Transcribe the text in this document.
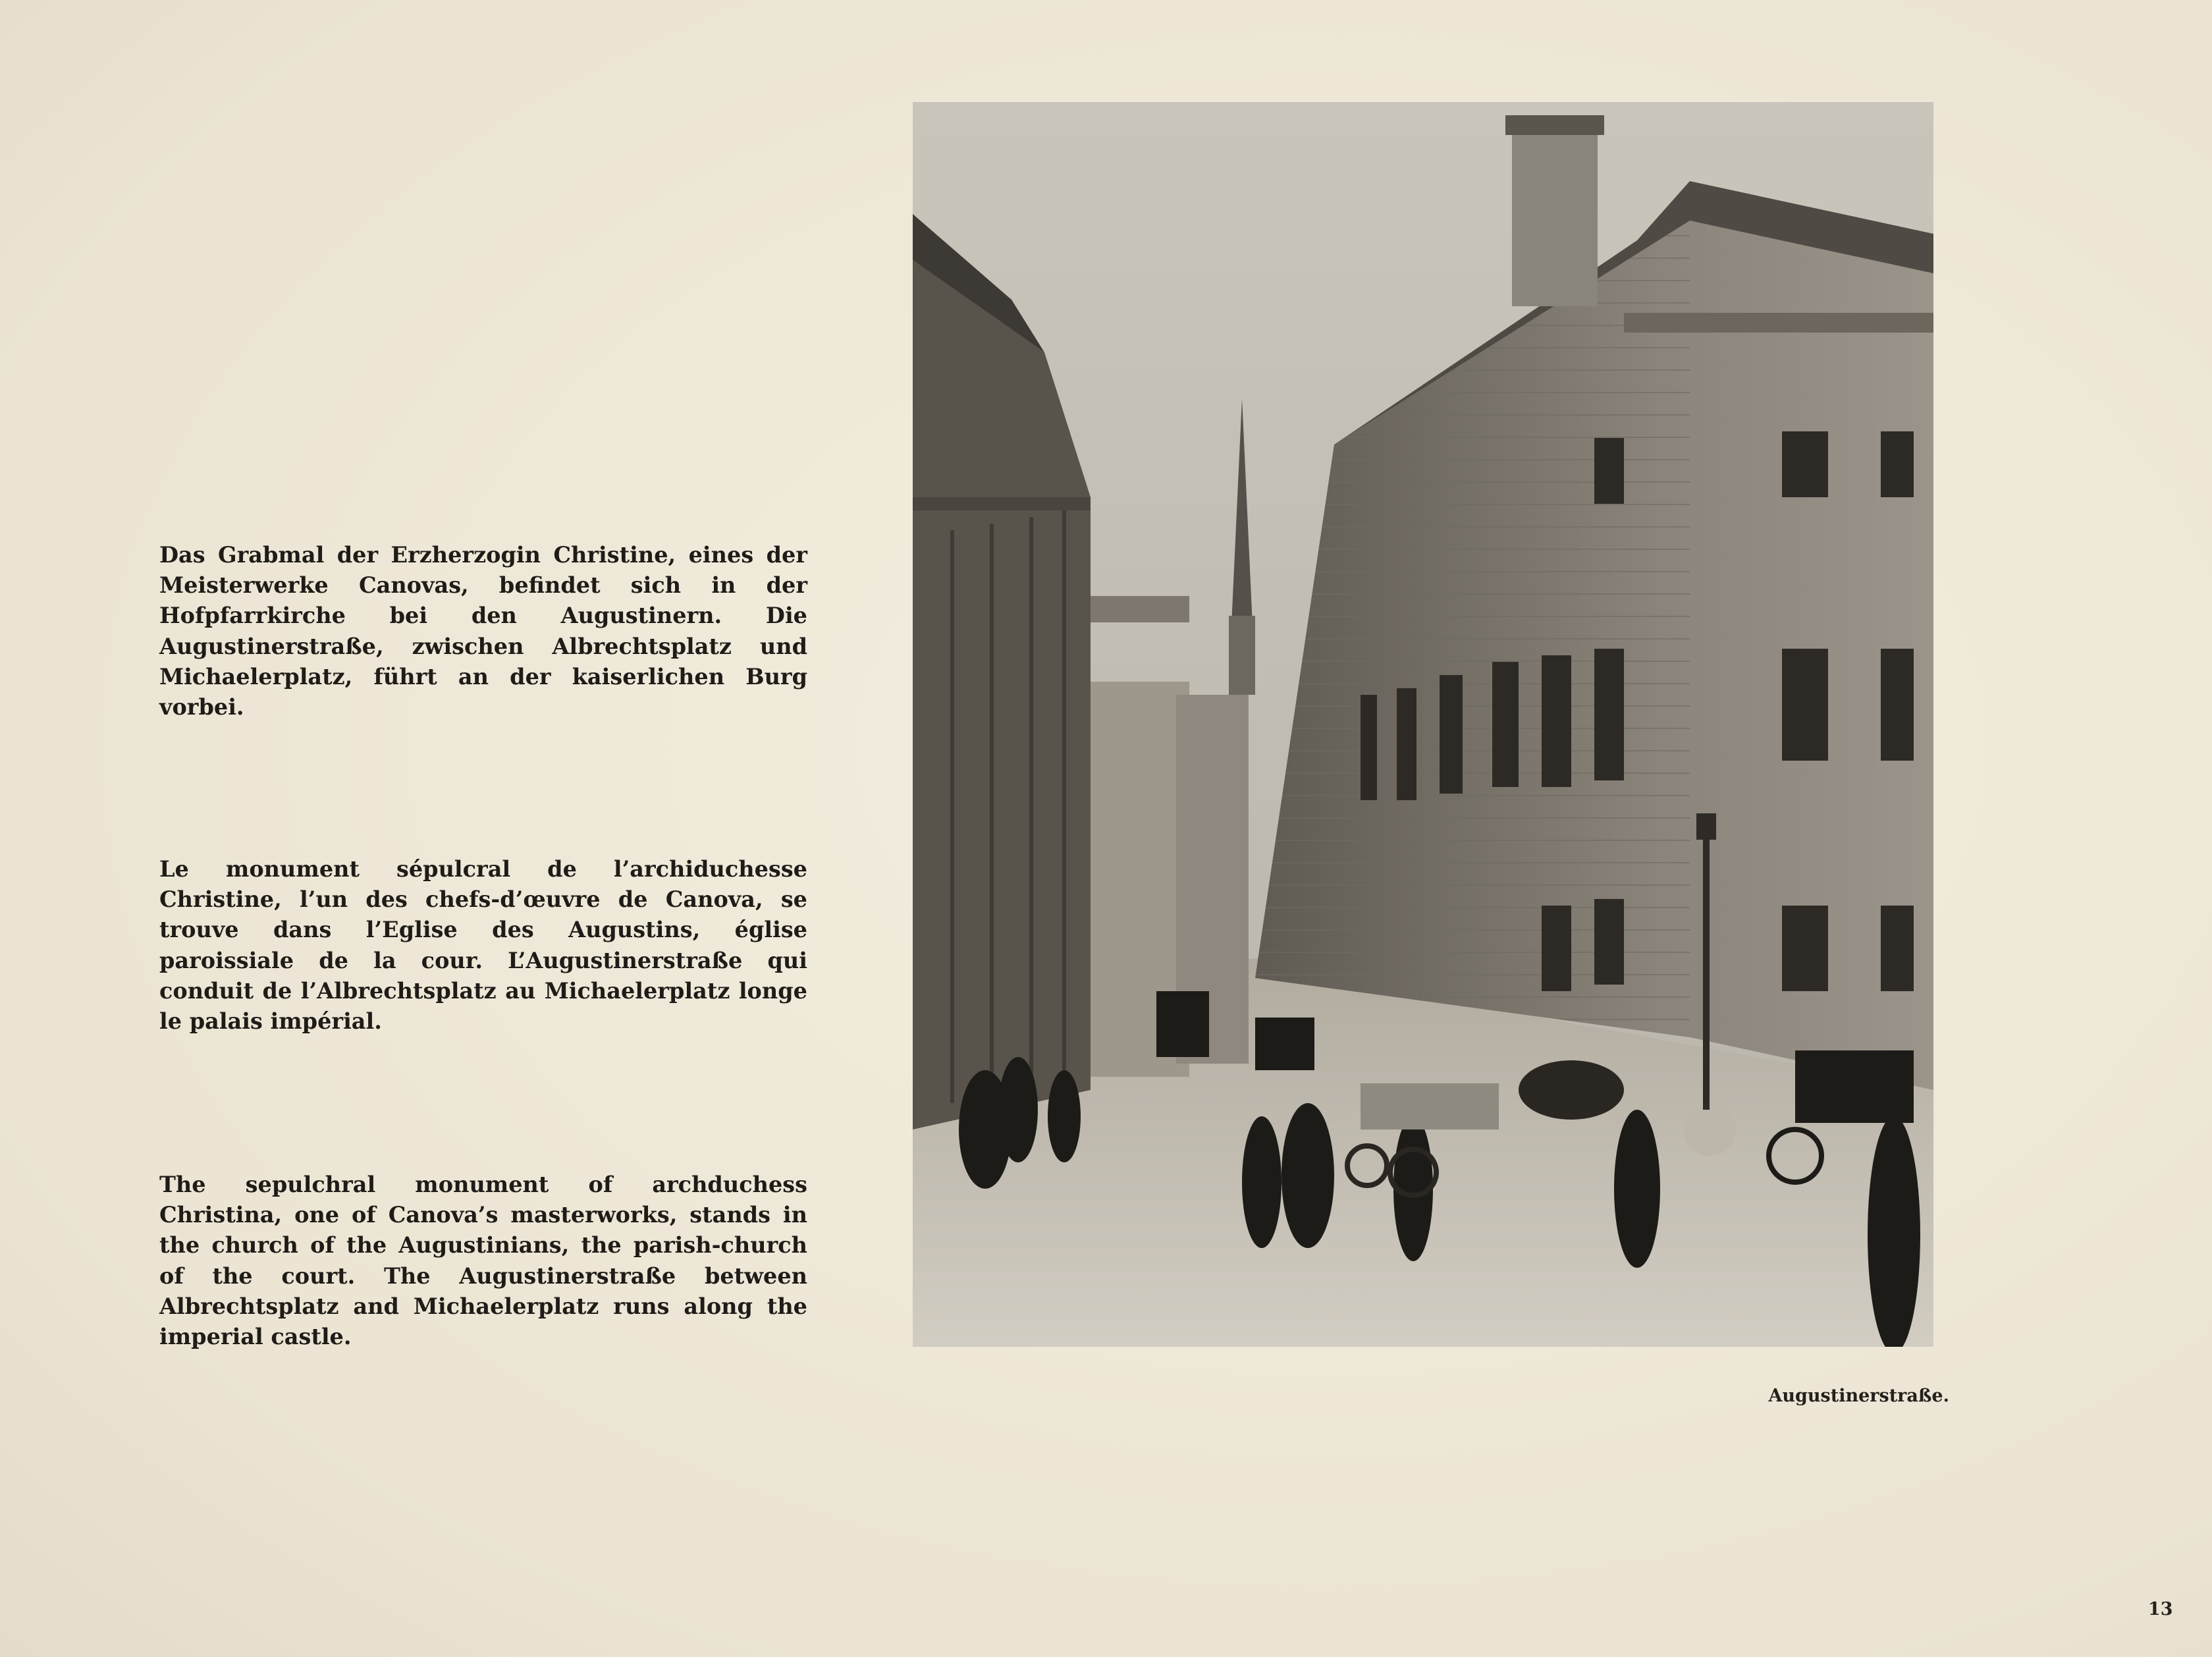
Das Grabmal der Erzherzogin Christine, eines der Meisterwerke Canovas, befindet sich in der Hofpfarrkirche bei den Augustinern. Die Augustinerstraße, zwischen Albrechtsplatz und Michaelerplatz, führt an der kaiserlichen Burg vorbei.

Le monument sépulcral de l’archiduchesse Christine, l’un des chefs-d’œuvre de Canova, se trouve dans l’Eglise des Augustins, église paroissiale de la cour. L’Augustinerstraße qui conduit de l’Albrechtsplatz au Michaelerplatz longe le palais impérial.

The sepulchral monument of archduchess Christina, one of Canova’s masterworks, stands in the church of the Augustinians, the parish-church of the court. The Augustinerstraße between Albrechtsplatz and Michaelerplatz runs along the imperial castle.

Augustinerstraße.
13
